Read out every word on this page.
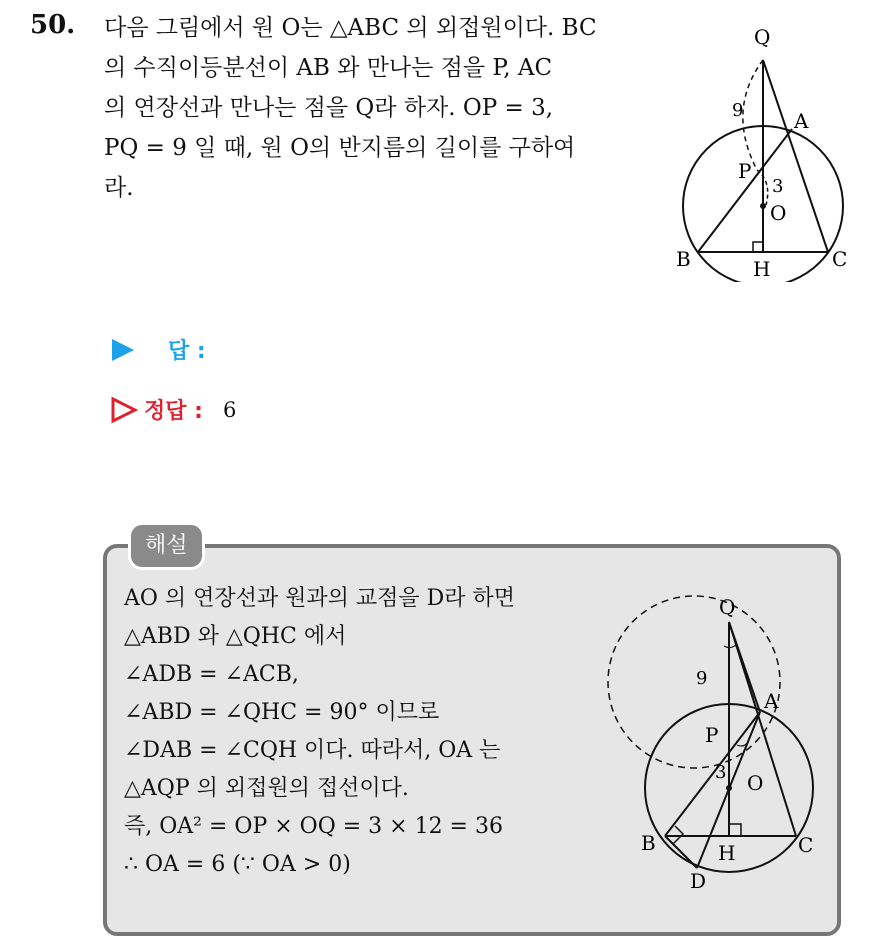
50. 다음 그림에서 원 O는 △ABC 의 외접원이다. BC
의 수직이등분선이 AB 와 만나는 점을 P, AC
의 연장선과 만나는 점을 Q라 하자. OP = 3,
PQ = 9 일 때, 원 O의 반지름의 길이를 구하여
라.
Q
A
P
O
B	H	C
9
3
답 :
정답 : 6
해설
AO 의 연장선과 원과의 교점을 D라 하면
△ABD 와 △QHC 에서
∠ADB = ∠ACB,
∠ABD = ∠QHC = 90° 이므로
∠DAB = ∠CQH 이다. 따라서, OA 는
△AQP 의 외접원의 접선이다.
즉, OA² = OP × OQ = 3 × 12 = 36
∴ OA = 6 (∵ OA > 0)
Q
A
P
O
B	H	C
D
9
3
